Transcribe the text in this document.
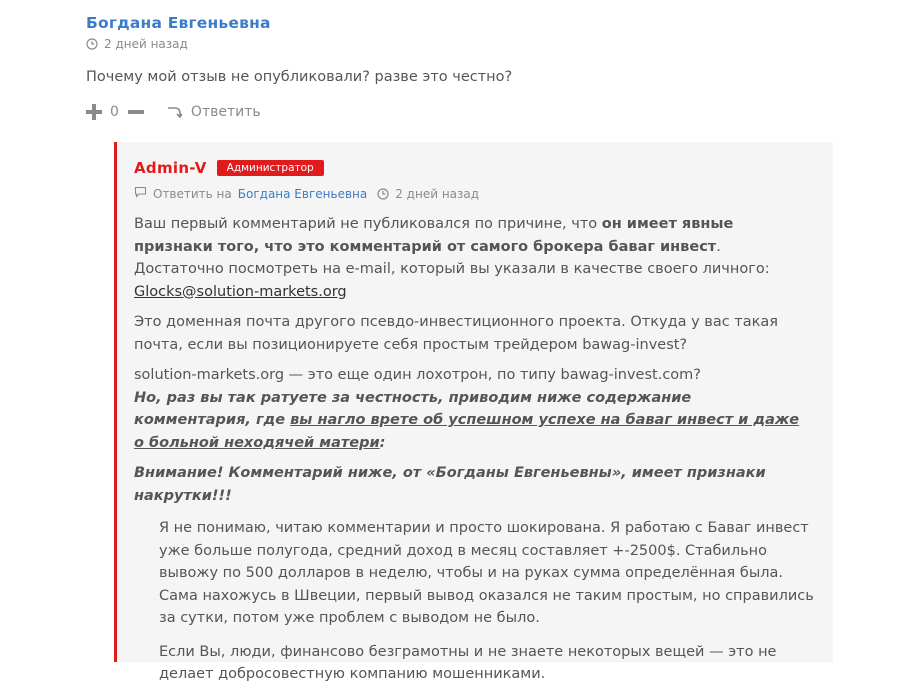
Богдана Евгеньевна
2 дней назад
Почему мой отзыв не опубликовали? разве это честно?
0	Ответить
Admin-V	Администратор
Ответить на Богдана Евгеньевна 2 дней назад

Ваш первый комментарий не публиковался по причине, что он имеет явные признаки того, что это комментарий от самого брокера баваг инвест. Достаточно посмотреть на e-mail, который вы указали в качестве своего личного: Glocks@solution-markets.org

Это доменная почта другого псевдо-инвестиционного проекта. Откуда у вас такая почта, если вы позиционируете себя простым трейдером bawag-invest?

solution-markets.org — это еще один лохотрон, по типу bawag-invest.com?
Но, раз вы так ратуете за честность, приводим ниже содержание комментария, где вы нагло врете об успешном успехе на баваг инвест и даже о больной неходячей матери:

Внимание! Комментарий ниже, от «Богданы Евгеньевны», имеет признаки накрутки!!!

Я не понимаю, читаю комментарии и просто шокирована. Я работаю с Баваг инвест уже больше полугода, средний доход в месяц составляет +-2500$. Стабильно вывожу по 500 долларов в неделю, чтобы и на руках сумма определённая была. Сама нахожусь в Швеции, первый вывод оказался не таким простым, но справились за сутки, потом уже проблем с выводом не было.

Если Вы, люди, финансово безграмотны и не знаете некоторых вещей — это не делает добросовестную компанию мошенниками.
